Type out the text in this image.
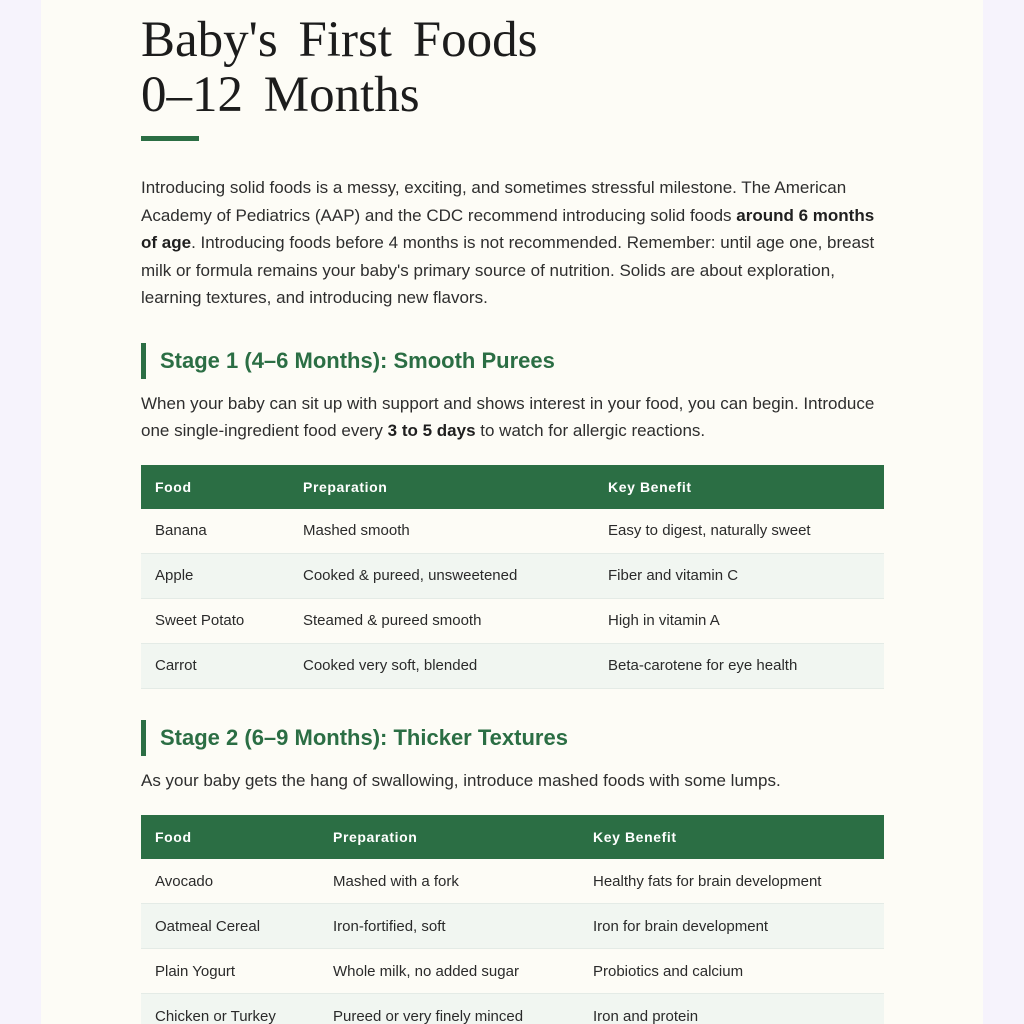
Baby's First Foods
0–12 Months

Introducing solid foods is a messy, exciting, and sometimes stressful milestone. The American Academy of Pediatrics (AAP) and the CDC recommend introducing solid foods around 6 months of age. Introducing foods before 4 months is not recommended. Remember: until age one, breast milk or formula remains your baby's primary source of nutrition. Solids are about exploration, learning textures, and introducing new flavors.

Stage 1 (4–6 Months): Smooth Purees

When your baby can sit up with support and shows interest in your food, you can begin. Introduce one single-ingredient food every 3 to 5 days to watch for allergic reactions.

Food	Preparation	Key Benefit
Banana	Mashed smooth	Easy to digest, naturally sweet
Apple	Cooked & pureed, unsweetened	Fiber and vitamin C
Sweet Potato	Steamed & pureed smooth	High in vitamin A
Carrot	Cooked very soft, blended	Beta-carotene for eye health
Stage 2 (6–9 Months): Thicker Textures

As your baby gets the hang of swallowing, introduce mashed foods with some lumps.

Food	Preparation	Key Benefit
Avocado	Mashed with a fork	Healthy fats for brain development
Oatmeal Cereal	Iron-fortified, soft	Iron for brain development
Plain Yogurt	Whole milk, no added sugar	Probiotics and calcium
Chicken or Turkey	Pureed or very finely minced	Iron and protein
